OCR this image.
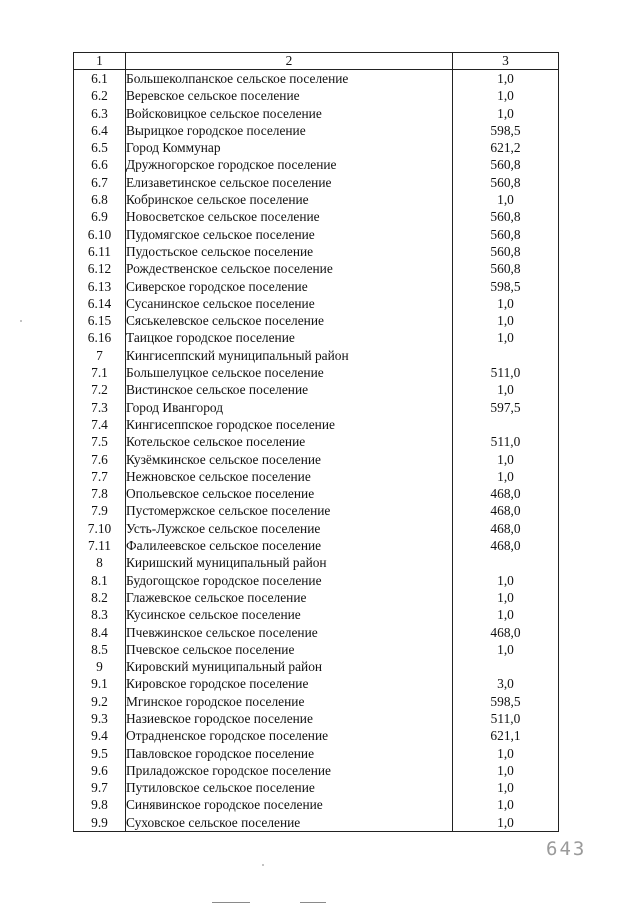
1	2	3
6.1	Большеколпанское сельское поселение	1,0
6.2	Веревское сельское поселение	1,0
6.3	Войсковицкое сельское поселение	1,0
6.4	Вырицкое городское поселение	598,5
6.5	Город Коммунар	621,2
6.6	Дружногорское городское поселение	560,8
6.7	Елизаветинское сельское поселение	560,8
6.8	Кобринское сельское поселение	1,0
6.9	Новосветское сельское поселение	560,8
6.10	Пудомягское сельское поселение	560,8
6.11	Пудостьское сельское поселение	560,8
6.12	Рождественское сельское поселение	560,8
6.13	Сиверское городское поселение	598,5
6.14	Сусанинское сельское поселение	1,0
6.15	Сяськелевское сельское поселение	1,0
6.16	Таицкое городское поселение	1,0
7	Кингисеппский муниципальный район	
7.1	Большелуцкое сельское поселение	511,0
7.2	Вистинское сельское поселение	1,0
7.3	Город Ивангород	597,5
7.4	Кингисеппское городское поселение	
7.5	Котельское сельское поселение	511,0
7.6	Кузёмкинское сельское поселение	1,0
7.7	Нежновское сельское поселение	1,0
7.8	Опольевское сельское поселение	468,0
7.9	Пустомержское сельское поселение	468,0
7.10	Усть-Лужское сельское поселение	468,0
7.11	Фалилеевское сельское поселение	468,0
8	Киришский муниципальный район	
8.1	Будогощское городское поселение	1,0
8.2	Глажевское сельское поселение	1,0
8.3	Кусинское сельское поселение	1,0
8.4	Пчевжинское сельское поселение	468,0
8.5	Пчевское сельское поселение	1,0
9	Кировский муниципальный район	
9.1	Кировское городское поселение	3,0
9.2	Мгинское городское поселение	598,5
9.3	Назиевское городское поселение	511,0
9.4	Отрадненское городское поселение	621,1
9.5	Павловское городское поселение	1,0
9.6	Приладожское городское поселение	1,0
9.7	Путиловское сельское поселение	1,0
9.8	Синявинское городское поселение	1,0
9.9	Суховское сельское поселение	1,0
643
